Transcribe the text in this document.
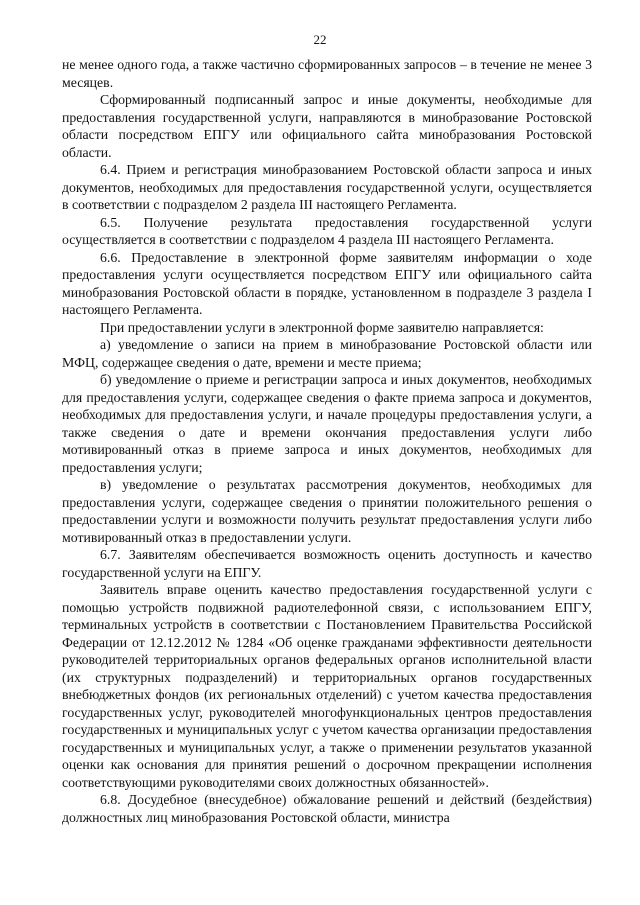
22

не менее одного года, а также частично сформированных запросов – в течение не менее 3 месяцев.

Сформированный подписанный запрос и иные документы, необходимые для предоставления государственной услуги, направляются в минобразование Ростовской области посредством ЕПГУ или официального сайта минобразования Ростовской области.

6.4. Прием и регистрация минобразованием Ростовской области запроса и иных документов, необходимых для предоставления государственной услуги, осуществляется в соответствии с подразделом 2 раздела III настоящего Регламента.

6.5. Получение результата предоставления государственной услуги осуществляется в соответствии с подразделом 4 раздела III настоящего Регламента.

6.6. Предоставление в электронной форме заявителям информации о ходе предоставления услуги осуществляется посредством ЕПГУ или официального сайта минобразования Ростовской области в порядке, установленном в подразделе 3 раздела I настоящего Регламента.

При предоставлении услуги в электронной форме заявителю направляется:

а) уведомление о записи на прием в минобразование Ростовской области или МФЦ, содержащее сведения о дате, времени и месте приема;

б) уведомление о приеме и регистрации запроса и иных документов, необходимых для предоставления услуги, содержащее сведения о факте приема запроса и документов, необходимых для предоставления услуги, и начале процедуры предоставления услуги, а также сведения о дате и времени окончания предоставления услуги либо мотивированный отказ в приеме запроса и иных документов, необходимых для предоставления услуги;

в) уведомление о результатах рассмотрения документов, необходимых для предоставления услуги, содержащее сведения о принятии положительного решения о предоставлении услуги и возможности получить результат предоставления услуги либо мотивированный отказ в предоставлении услуги.

6.7. Заявителям обеспечивается возможность оценить доступность и качество государственной услуги на ЕПГУ.

Заявитель вправе оценить качество предоставления государственной услуги с помощью устройств подвижной радиотелефонной связи, с использованием ЕПГУ, терминальных устройств в соответствии с Постановлением Правительства Российской Федерации от 12.12.2012 № 1284 «Об оценке гражданами эффективности деятельности руководителей территориальных органов федеральных органов исполнительной власти (их структурных подразделений) и территориальных органов государственных внебюджетных фондов (их региональных отделений) с учетом качества предоставления государственных услуг, руководителей многофункциональных центров предоставления государственных и муниципальных услуг с учетом качества организации предоставления государственных и муниципальных услуг, а также о применении результатов указанной оценки как основания для принятия решений о досрочном прекращении исполнения соответствующими руководителями своих должностных обязанностей».

6.8. Досудебное (внесудебное) обжалование решений и действий (бездействия) должностных лиц минобразования Ростовской области, министра
